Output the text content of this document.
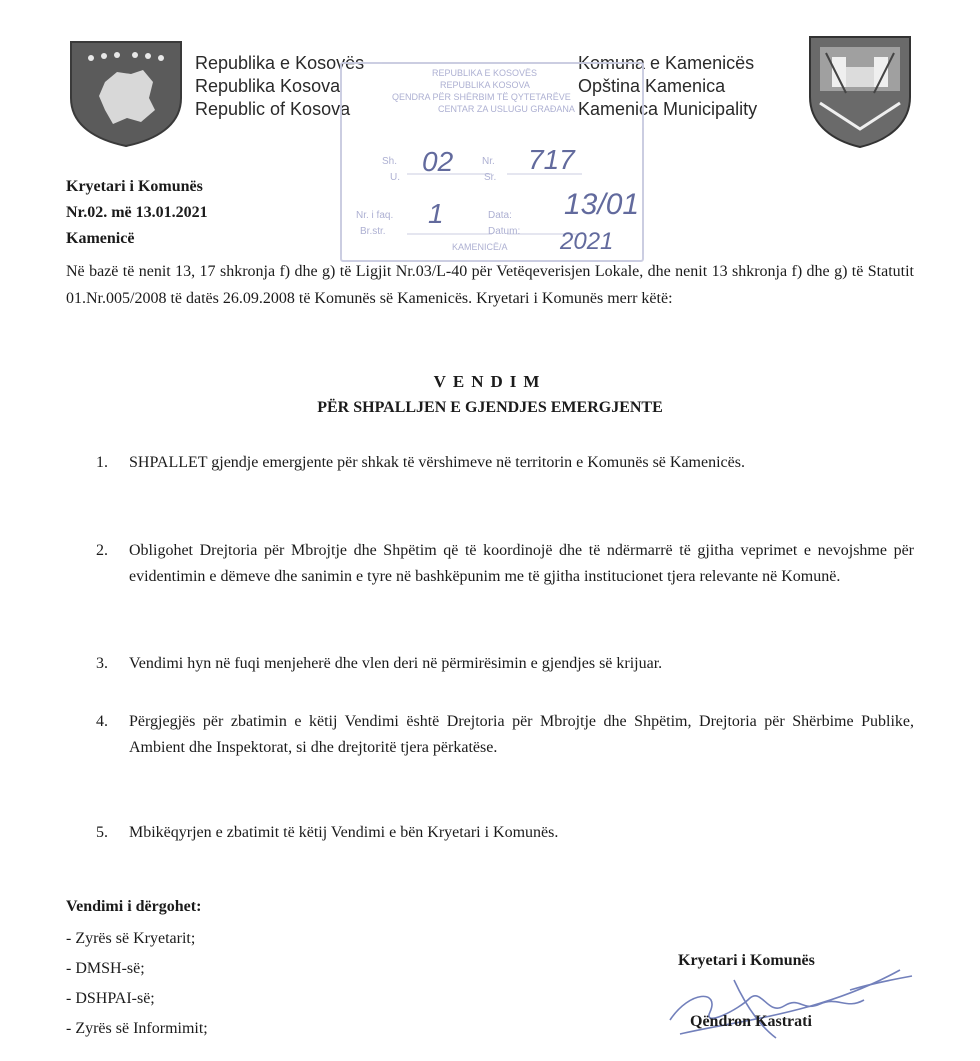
Republika e Kosovës
Republika Kosova
Republic of Kosova
Komuna e Kamenicës
Opština Kamenica
Kamenica Municipality
REPUBLIKA E KOSOVËS
REPUBLIKA KOSOVA
QENDRA PËR SHËRBIM TË QYTETARËVE
CENTAR ZA USLUGU GRAĐANA
Sh.
U.
Nr.
Sr.
Nr. i faq.
Br.str.
Data:
Datum:
KAMENICË/A
02	717
1	13/01
2021
Kryetari i Komunës
Nr.02. më 13.01.2021
Kamenicë
Në bazë të nenit 13, 17 shkronja f) dhe g) të Ligjit Nr.03/L-40 për Vetëqeverisjen Lokale, dhe nenit 13 shkronja f) dhe g) të Statutit 01.Nr.005/2008 të datës 26.09.2008 të Komunës së Kamenicës. Kryetari i Komunës merr këtë:
VENDIM
PËR SHPALLJEN E GJENDJES EMERGJENTE
1. SHPALLET gjendje emergjente për shkak të vërshimeve në territorin e Komunës së Kamenicës.
2. Obligohet Drejtoria për Mbrojtje dhe Shpëtim që të koordinojë dhe të ndërmarrë të gjitha veprimet e nevojshme për evidentimin e dëmeve dhe sanimin e tyre në bashkëpunim me të gjitha institucionet tjera relevante në Komunë.
3. Vendimi hyn në fuqi menjeherë dhe vlen deri në përmirësimin e gjendjes së krijuar.
4. Përgjegjës për zbatimin e këtij Vendimi është Drejtoria për Mbrojtje dhe Shpëtim, Drejtoria për Shërbime Publike, Ambient dhe Inspektorat, si dhe drejtoritë tjera përkatëse.
5. Mbikëqyrjen e zbatimit të këtij Vendimi e bën Kryetari i Komunës.
Vendimi i dërgohet:
- Zyrës së Kryetarit;
- DMSH-së;
- DSHPAI-së;
- Zyrës së Informimit;
Kryetari i Komunës
Qëndron Kastrati
